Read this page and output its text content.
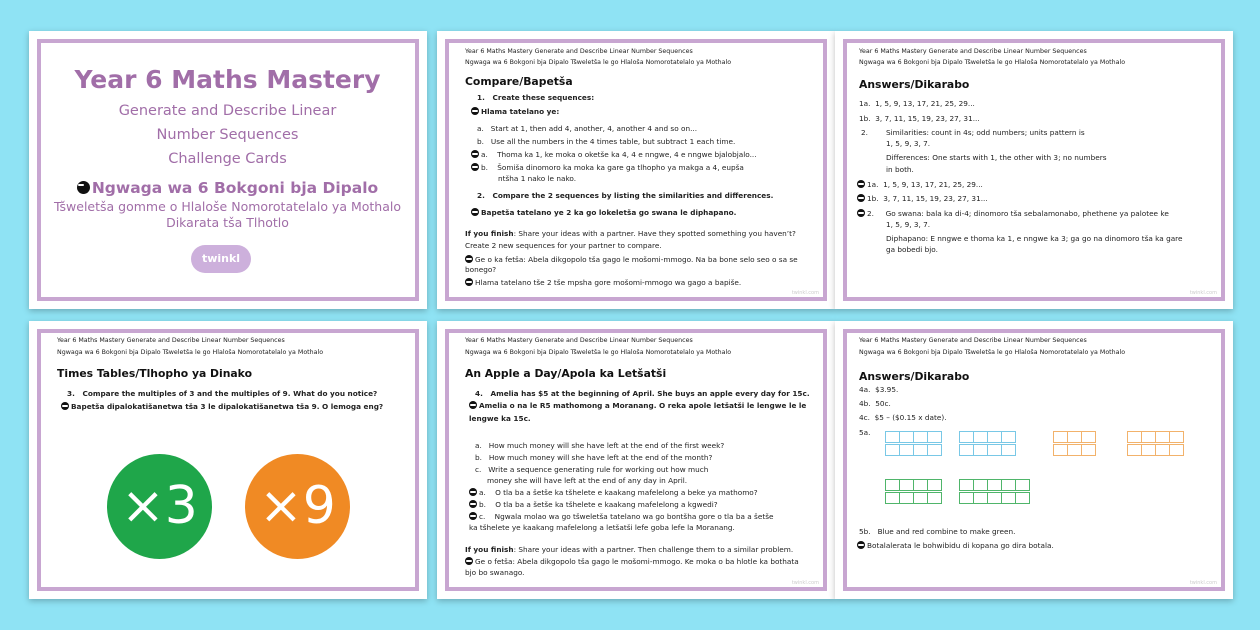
Year 6 Maths Mastery
Generate and Describe Linear
Number Sequences
Challenge Cards
Ngwaga wa 6 Bokgoni bja Dipalo
Tšweletša gomme o Hlaloše Nomorotatelalo ya Mothalo
Dikarata tša Tlhotlo
twinkl
Year 6 Maths Mastery Generate and Describe Linear Number Sequences
Ngwaga wa 6 Bokgoni bja Dipalo Tšweletša le go Hlaloša Nomorotatelalo ya Mothalo
Compare/Bapetša
1.   Create these sequences:
Hlama tatelano ye:
a.   Start at 1, then add 4, another, 4, another 4 and so on...
b.   Use all the numbers in the 4 times table, but subtract 1 each time.
a.    Thoma ka 1, ke moka o oketše ka 4, 4 e nngwe, 4 e nngwe bjalobjalo...
b.    Šomiša dinomoro ka moka ka gare ga tlhopho ya makga a 4, eupša
ntšha 1 nako le nako.
2.   Compare the 2 sequences by listing the similarities and differences.
Bapetša tatelano ye 2 ka go lokeletša go swana le diphapano.
If you finish: Share your ideas with a partner. Have they spotted something you haven’t?
Create 2 new sequences for your partner to compare.
Ge o ka fetša: Abela dikgopolo tša gago le mošomi-mmogo. Na ba bone selo seo o sa se
bonego?
Hlama tatelano tše 2 tše mpsha gore mošomi-mmogo wa gago a bapiše.
twinkl.com
Year 6 Maths Mastery Generate and Describe Linear Number Sequences
Ngwaga wa 6 Bokgoni bja Dipalo Tšweletša le go Hlaloša Nomorotatelalo ya Mothalo
Answers/Dikarabo
1a. 1, 5, 9, 13, 17, 21, 25, 29...
1b. 3, 7, 11, 15, 19, 23, 27, 31...
2. Similarities: count in 4s; odd numbers; units pattern is
1, 5, 9, 3, 7.
Differences: One starts with 1, the other with 3; no numbers
in both.
1a. 1, 5, 9, 13, 17, 21, 25, 29...
1b. 3, 7, 11, 15, 19, 23, 27, 31...
2. Go swana: bala ka di-4; dinomoro tša sebalamonabo, phethene ya palotee ke
1, 5, 9, 3, 7.
Diphapano: E nngwe e thoma ka 1, e nngwe ka 3; ga go na dinomoro tša ka gare
ga bobedi bjo.
twinkl.com
Year 6 Maths Mastery Generate and Describe Linear Number Sequences
Ngwaga wa 6 Bokgoni bja Dipalo Tšweletša le go Hlaloša Nomorotatelalo ya Mothalo
Times Tables/Tlhopho ya Dinako
3.   Compare the multiples of 3 and the multiples of 9. What do you notice?
Bapetša dipalokatišanetwa tša 3 le dipalokatišanetwa tša 9. O lemoga eng?
×3 ×9
Year 6 Maths Mastery Generate and Describe Linear Number Sequences
Ngwaga wa 6 Bokgoni bja Dipalo Tšweletša le go Hlaloša Nomorotatelalo ya Mothalo
An Apple a Day/Apola ka Letšatši
4.   Amelia has $5 at the beginning of April. She buys an apple every day for 15c.
Amelia o na le R5 mathomong a Moranang. O reka apole letšatši le lengwe le le
lengwe ka 15c.
a.   How much money will she have left at the end of the first week?
b.   How much money will she have left at the end of the month?
c.   Write a sequence generating rule for working out how much
money she will have left at the end of any day in April.
a.    O tla ba a šetše ka tšhelete e kaakang mafelelong a beke ya mathomo?
b.    O tla ba a šetše ka tšhelete e kaakang mafelelong a kgwedi?
c.    Ngwala molao wa go tšweletša tatelano wa go bontšha gore o tla ba a šetše
ka tšhelete ye kaakang mafelelong a letšatši lefe goba lefe la Moranang.
If you finish: Share your ideas with a partner. Then challenge them to a similar problem.
Ge o fetša: Abela dikgopolo tša gago le mošomi-mmogo. Ke moka o ba hlotle ka bothata
bjo bo swanago.
twinkl.com
Year 6 Maths Mastery Generate and Describe Linear Number Sequences
Ngwaga wa 6 Bokgoni bja Dipalo Tšweletša le go Hlaloša Nomorotatelalo ya Mothalo
Answers/Dikarabo
4a. $3.95.
4b. 50c.
4c. $5 – ($0.15 x date).
5a.
5b. Blue and red combine to make green.
Botalalerata le bohwibidu di kopana go dira botala.
twinkl.com
